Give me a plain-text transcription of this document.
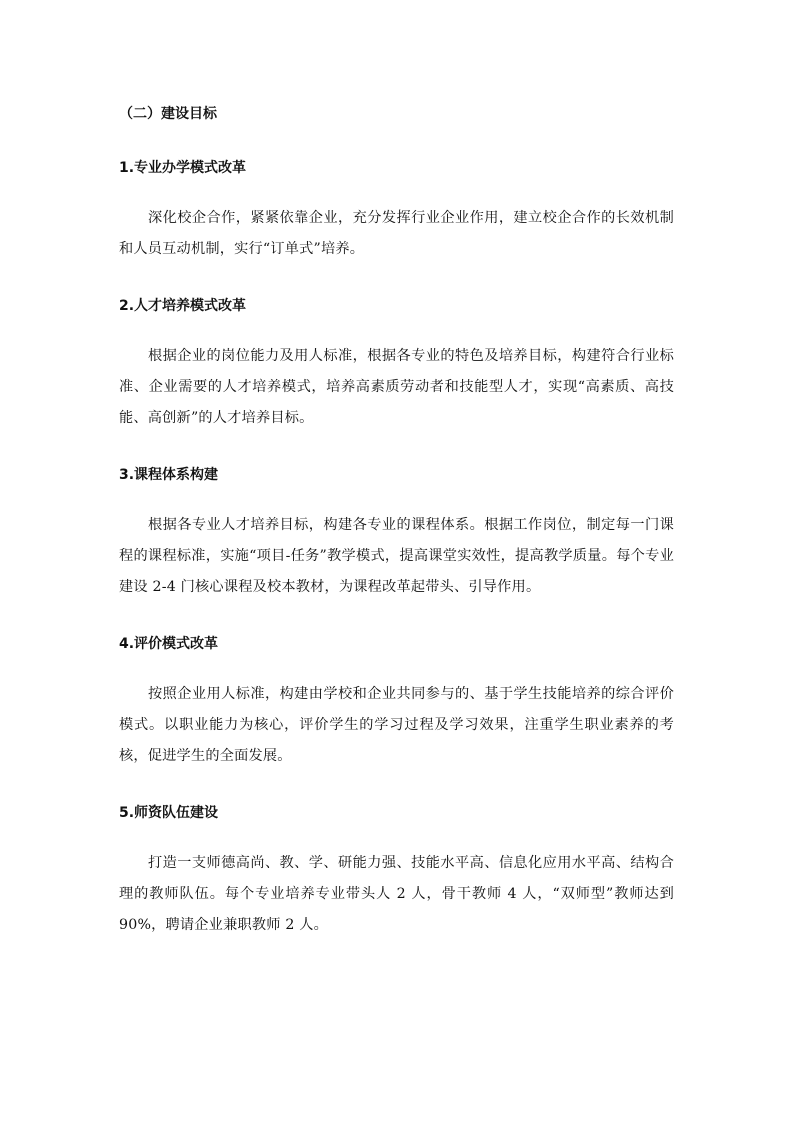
（二）建设目标

1.专业办学模式改革

深化校企合作，紧紧依靠企业，充分发挥行业企业作用，建立校企合作的长效机制和人员互动机制，实行“订单式”培养。

2.人才培养模式改革

根据企业的岗位能力及用人标准，根据各专业的特色及培养目标，构建符合行业标准、企业需要的人才培养模式，培养高素质劳动者和技能型人才，实现“高素质、高技能、高创新”的人才培养目标。

3.课程体系构建

根据各专业人才培养目标，构建各专业的课程体系。根据工作岗位，制定每一门课程的课程标准，实施“项目-任务”教学模式，提高课堂实效性，提高教学质量。每个专业建设 2-4 门核心课程及校本教材，为课程改革起带头、引导作用。

4.评价模式改革

按照企业用人标准，构建由学校和企业共同参与的、基于学生技能培养的综合评价模式。以职业能力为核心，评价学生的学习过程及学习效果，注重学生职业素养的考核，促进学生的全面发展。

5.师资队伍建设

打造一支师德高尚、教、学、研能力强、技能水平高、信息化应用水平高、结构合理的教师队伍。每个专业培养专业带头人 2 人，骨干教师 4 人，“双师型”教师达到 90%，聘请企业兼职教师 2 人。
